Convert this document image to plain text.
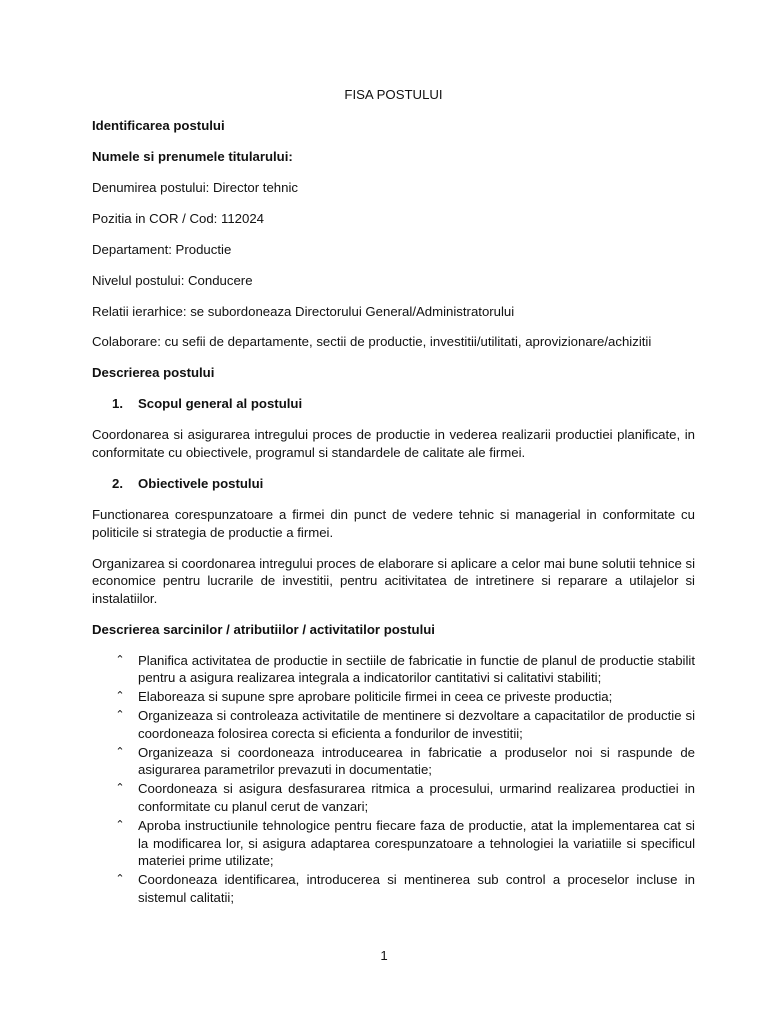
FISA POSTULUI
Identificarea postului
Numele si prenumele titularului:
Denumirea postului: Director tehnic
Pozitia in COR / Cod: 112024
Departament: Productie
Nivelul postului: Conducere
Relatii ierarhice: se subordoneaza Directorului General/Administratorului
Colaborare: cu sefii de departamente, sectii de productie, investitii/utilitati, aprovizionare/achizitii
Descrierea postului
1. Scopul general al postului
Coordonarea si asigurarea intregului proces de productie in vederea realizarii productiei planificate, in conformitate cu obiectivele, programul si standardele de calitate ale firmei.
2. Obiectivele postului
Functionarea corespunzatoare a firmei din punct de vedere tehnic si managerial in conformitate cu politicile si strategia de productie a firmei.
Organizarea si coordonarea intregului proces de elaborare si aplicare a celor mai bune solutii tehnice si economice pentru lucrarile de investitii, pentru acitivitatea de intretinere si reparare a utilajelor si instalatiilor.
Descrierea sarcinilor / atributiilor / activitatilor postului
⌃ Planifica activitatea de productie in sectiile de fabricatie in functie de planul de productie stabilit pentru a asigura realizarea integrala a indicatorilor cantitativi si calitativi stabiliti;
⌃ Elaboreaza si supune spre aprobare politicile firmei in ceea ce priveste productia;
⌃ Organizeaza si controleaza activitatile de mentinere si dezvoltare a capacitatilor de productie si coordoneaza folosirea corecta si eficienta a fondurilor de investitii;
⌃ Organizeaza si coordoneaza introducearea in fabricatie a produselor noi si raspunde de asigurarea parametrilor prevazuti in documentatie;
⌃ Coordoneaza si asigura desfasurarea ritmica a procesului, urmarind realizarea productiei in conformitate cu planul cerut de vanzari;
⌃ Aproba instructiunile tehnologice pentru fiecare faza de productie, atat la implementarea cat si la modificarea lor, si asigura adaptarea corespunzatoare a tehnologiei la variatiile si specificul materiei prime utilizate;
⌃ Coordoneaza identificarea, introducerea si mentinerea sub control a proceselor incluse in sistemul calitatii;
1
